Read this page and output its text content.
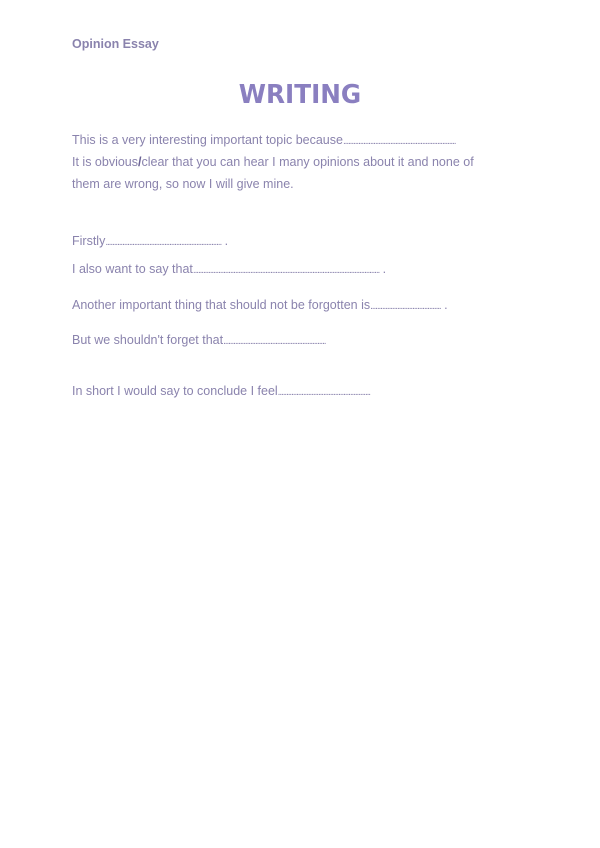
Opinion Essay
WRITING
This is a very interesting important topic because...................................................................
It is obvious/clear that you can hear I many opinions about it and none of
them are wrong, so now I will give mine.
Firstly..................................................................... .
I also want to say that............................................................................................................... .
Another important thing that should not be forgotten is.......................................... .
But we shouldn't forget that.............................................................
In short I would say to conclude I feel.......................................................
